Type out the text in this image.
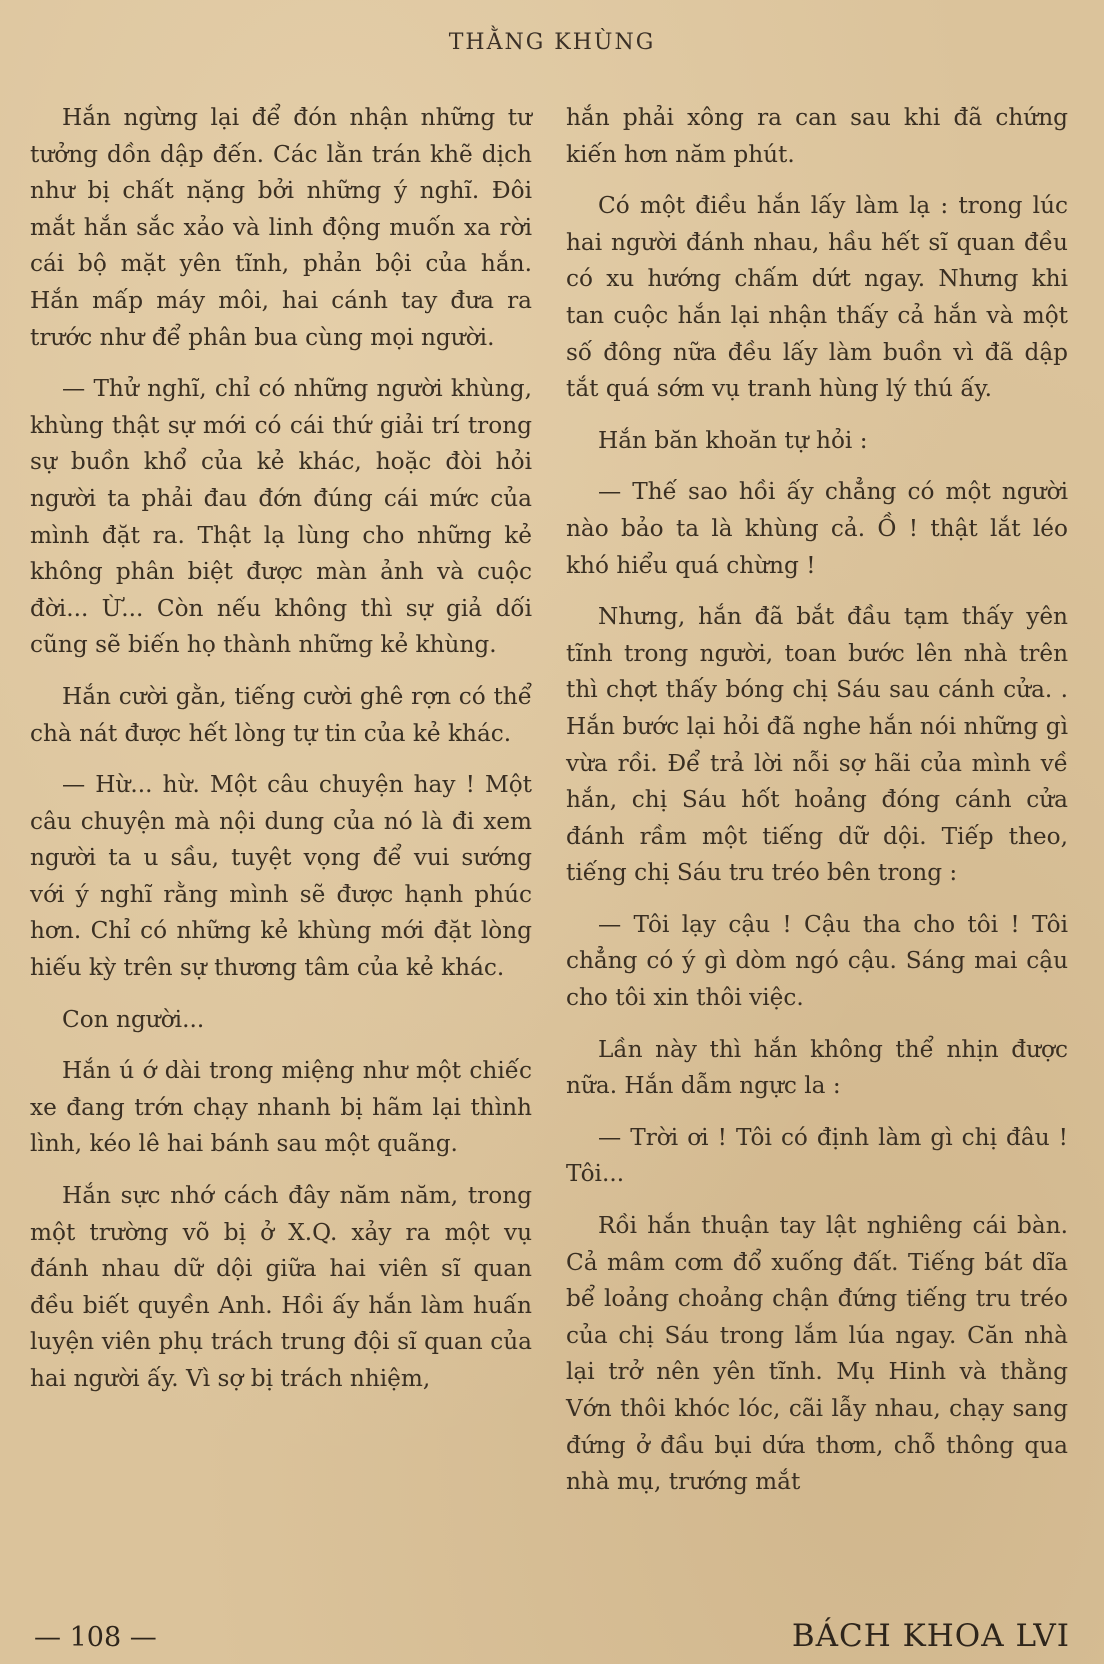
THẰNG KHÙNG

Hắn ngừng lại để đón nhận những tư tưởng dồn dập đến. Các lằn trán khẽ dịch như bị chất nặng bởi những ý nghĩ. Đôi mắt hắn sắc xảo và linh động muốn xa rời cái bộ mặt yên tĩnh, phản bội của hắn. Hắn mấp máy môi, hai cánh tay đưa ra trước như để phân bua cùng mọi người.

— Thử nghĩ, chỉ có những người khùng, khùng thật sự mới có cái thứ giải trí trong sự buồn khổ của kẻ khác, hoặc đòi hỏi người ta phải đau đớn đúng cái mức của mình đặt ra. Thật lạ lùng cho những kẻ không phân biệt được màn ảnh và cuộc đời... Ừ... Còn nếu không thì sự giả dối cũng sẽ biến họ thành những kẻ khùng.

Hắn cười gằn, tiếng cười ghê rợn có thể chà nát được hết lòng tự tin của kẻ khác.

— Hừ... hừ. Một câu chuyện hay ! Một câu chuyện mà nội dung của nó là đi xem người ta u sầu, tuyệt vọng để vui sướng với ý nghĩ rằng mình sẽ được hạnh phúc hơn. Chỉ có những kẻ khùng mới đặt lòng hiếu kỳ trên sự thương tâm của kẻ khác.

Con người...

Hắn ú ớ dài trong miệng như một chiếc xe đang trớn chạy nhanh bị hãm lại thình lình, kéo lê hai bánh sau một quãng.

Hắn sực nhớ cách đây năm năm, trong một trường võ bị ở X.Q. xảy ra một vụ đánh nhau dữ dội giữa hai viên sĩ quan đều biết quyền Anh. Hồi ấy hắn làm huấn luyện viên phụ trách trung đội sĩ quan của hai người ấy. Vì sợ bị trách nhiệm,

hắn phải xông ra can sau khi đã chứng kiến hơn năm phút.

Có một điều hắn lấy làm lạ : trong lúc hai người đánh nhau, hầu hết sĩ quan đều có xu hướng chấm dứt ngay. Nhưng khi tan cuộc hắn lại nhận thấy cả hắn và một số đông nữa đều lấy làm buồn vì đã dập tắt quá sớm vụ tranh hùng lý thú ấy.

Hắn băn khoăn tự hỏi :

— Thế sao hồi ấy chẳng có một người nào bảo ta là khùng cả. Ồ ! thật lắt léo khó hiểu quá chừng !

Nhưng, hắn đã bắt đầu tạm thấy yên tĩnh trong người, toan bước lên nhà trên thì chợt thấy bóng chị Sáu sau cánh cửa. . Hắn bước lại hỏi đã nghe hắn nói những gì vừa rồi. Để trả lời nỗi sợ hãi của mình về hắn, chị Sáu hốt hoảng đóng cánh cửa đánh rầm một tiếng dữ dội. Tiếp theo, tiếng chị Sáu tru tréo bên trong :

— Tôi lạy cậu ! Cậu tha cho tôi ! Tôi chẳng có ý gì dòm ngó cậu. Sáng mai cậu cho tôi xin thôi việc.

Lần này thì hắn không thể nhịn được nữa. Hắn dẫm ngực la :

— Trời ơi ! Tôi có định làm gì chị đâu ! Tôi...

Rồi hắn thuận tay lật nghiêng cái bàn. Cả mâm cơm đổ xuống đất. Tiếng bát dĩa bể loảng choảng chận đứng tiếng tru tréo của chị Sáu trong lắm lúa ngay. Căn nhà lại trở nên yên tĩnh. Mụ Hinh và thằng Vớn thôi khóc lóc, cãi lẫy nhau, chạy sang đứng ở đầu bụi dứa thơm, chỗ thông qua nhà mụ, trướng mắt

— 108 —	BÁCH KHOA LVI
